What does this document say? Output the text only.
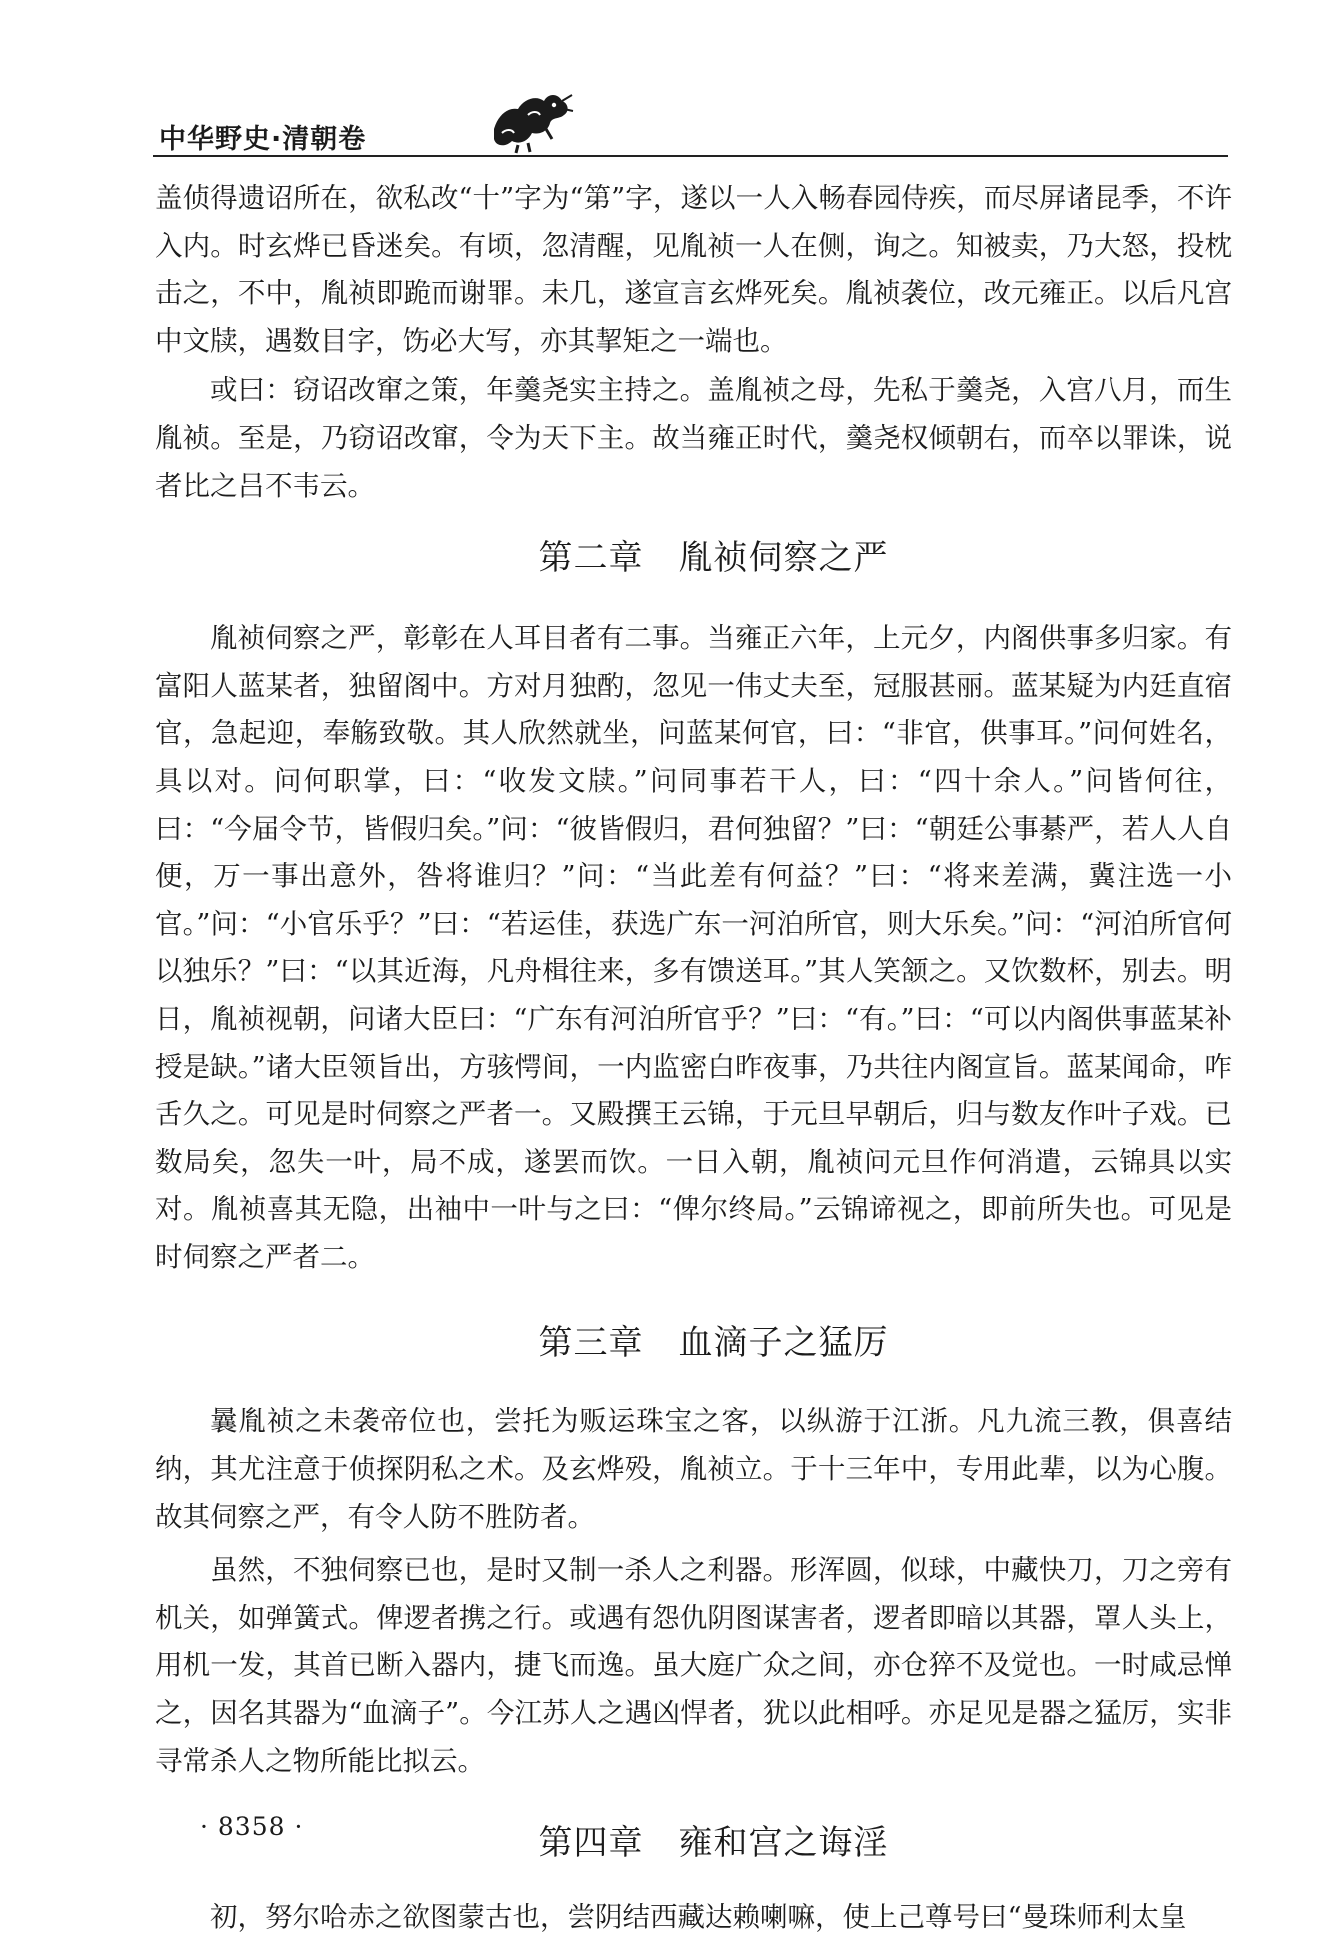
中华野史·清朝卷

盖侦得遗诏所在，欲私改“十”字为“第”字，遂以一人入畅春园侍疾，而尽屏诸昆季，不许入内。时玄烨已昏迷矣。有顷，忽清醒，见胤祯一人在侧，询之。知被卖，乃大怒，投枕击之，不中，胤祯即跪而谢罪。未几，遂宣言玄烨死矣。胤祯袭位，改元雍正。以后凡宫中文牍，遇数目字，饬必大写，亦其挈矩之一端也。

或曰：窃诏改窜之策，年羹尧实主持之。盖胤祯之母，先私于羹尧，入宫八月，而生胤祯。至是，乃窃诏改窜，令为天下主。故当雍正时代，羹尧权倾朝右，而卒以罪诛，说者比之吕不韦云。

第二章　胤祯伺察之严

胤祯伺察之严，彰彰在人耳目者有二事。当雍正六年，上元夕，内阁供事多归家。有富阳人蓝某者，独留阁中。方对月独酌，忽见一伟丈夫至，冠服甚丽。蓝某疑为内廷直宿官，急起迎，奉觞致敬。其人欣然就坐，问蓝某何官，曰：“非官，供事耳。”问何姓名，具以对。问何职掌，曰：“收发文牍。”问同事若干人，曰：“四十余人。”问皆何往，曰：“今届令节，皆假归矣。”问：“彼皆假归，君何独留？”曰：“朝廷公事綦严，若人人自便，万一事出意外，咎将谁归？”问：“当此差有何益？”曰：“将来差满，冀注选一小官。”问：“小官乐乎？”曰：“若运佳，获选广东一河泊所官，则大乐矣。”问：“河泊所官何以独乐？”曰：“以其近海，凡舟楫往来，多有馈送耳。”其人笑颔之。又饮数杯，别去。明日，胤祯视朝，问诸大臣曰：“广东有河泊所官乎？”曰：“有。”曰：“可以内阁供事蓝某补授是缺。”诸大臣领旨出，方骇愕间，一内监密白昨夜事，乃共往内阁宣旨。蓝某闻命，咋舌久之。可见是时伺察之严者一。又殿撰王云锦，于元旦早朝后，归与数友作叶子戏。已数局矣，忽失一叶，局不成，遂罢而饮。一日入朝，胤祯问元旦作何消遣，云锦具以实对。胤祯喜其无隐，出袖中一叶与之曰：“俾尔终局。”云锦谛视之，即前所失也。可见是时伺察之严者二。

第三章　血滴子之猛厉

曩胤祯之未袭帝位也，尝托为贩运珠宝之客，以纵游于江浙。凡九流三教，俱喜结纳，其尤注意于侦探阴私之术。及玄烨殁，胤祯立。于十三年中，专用此辈，以为心腹。故其伺察之严，有令人防不胜防者。

虽然，不独伺察已也，是时又制一杀人之利器。形浑圆，似球，中藏快刀，刀之旁有机关，如弹簧式。俾逻者携之行。或遇有怨仇阴图谋害者，逻者即暗以其器，罩人头上，用机一发，其首已断入器内，捷飞而逸。虽大庭广众之间，亦仓猝不及觉也。一时咸忌惮之，因名其器为“血滴子”。今江苏人之遇凶悍者，犹以此相呼。亦足见是器之猛厉，实非寻常杀人之物所能比拟云。

第四章　雍和宫之诲淫

初，努尔哈赤之欲图蒙古也，尝阴结西藏达赖喇嘛，使上己尊号曰“曼珠师利太皇

· 8358 ·
